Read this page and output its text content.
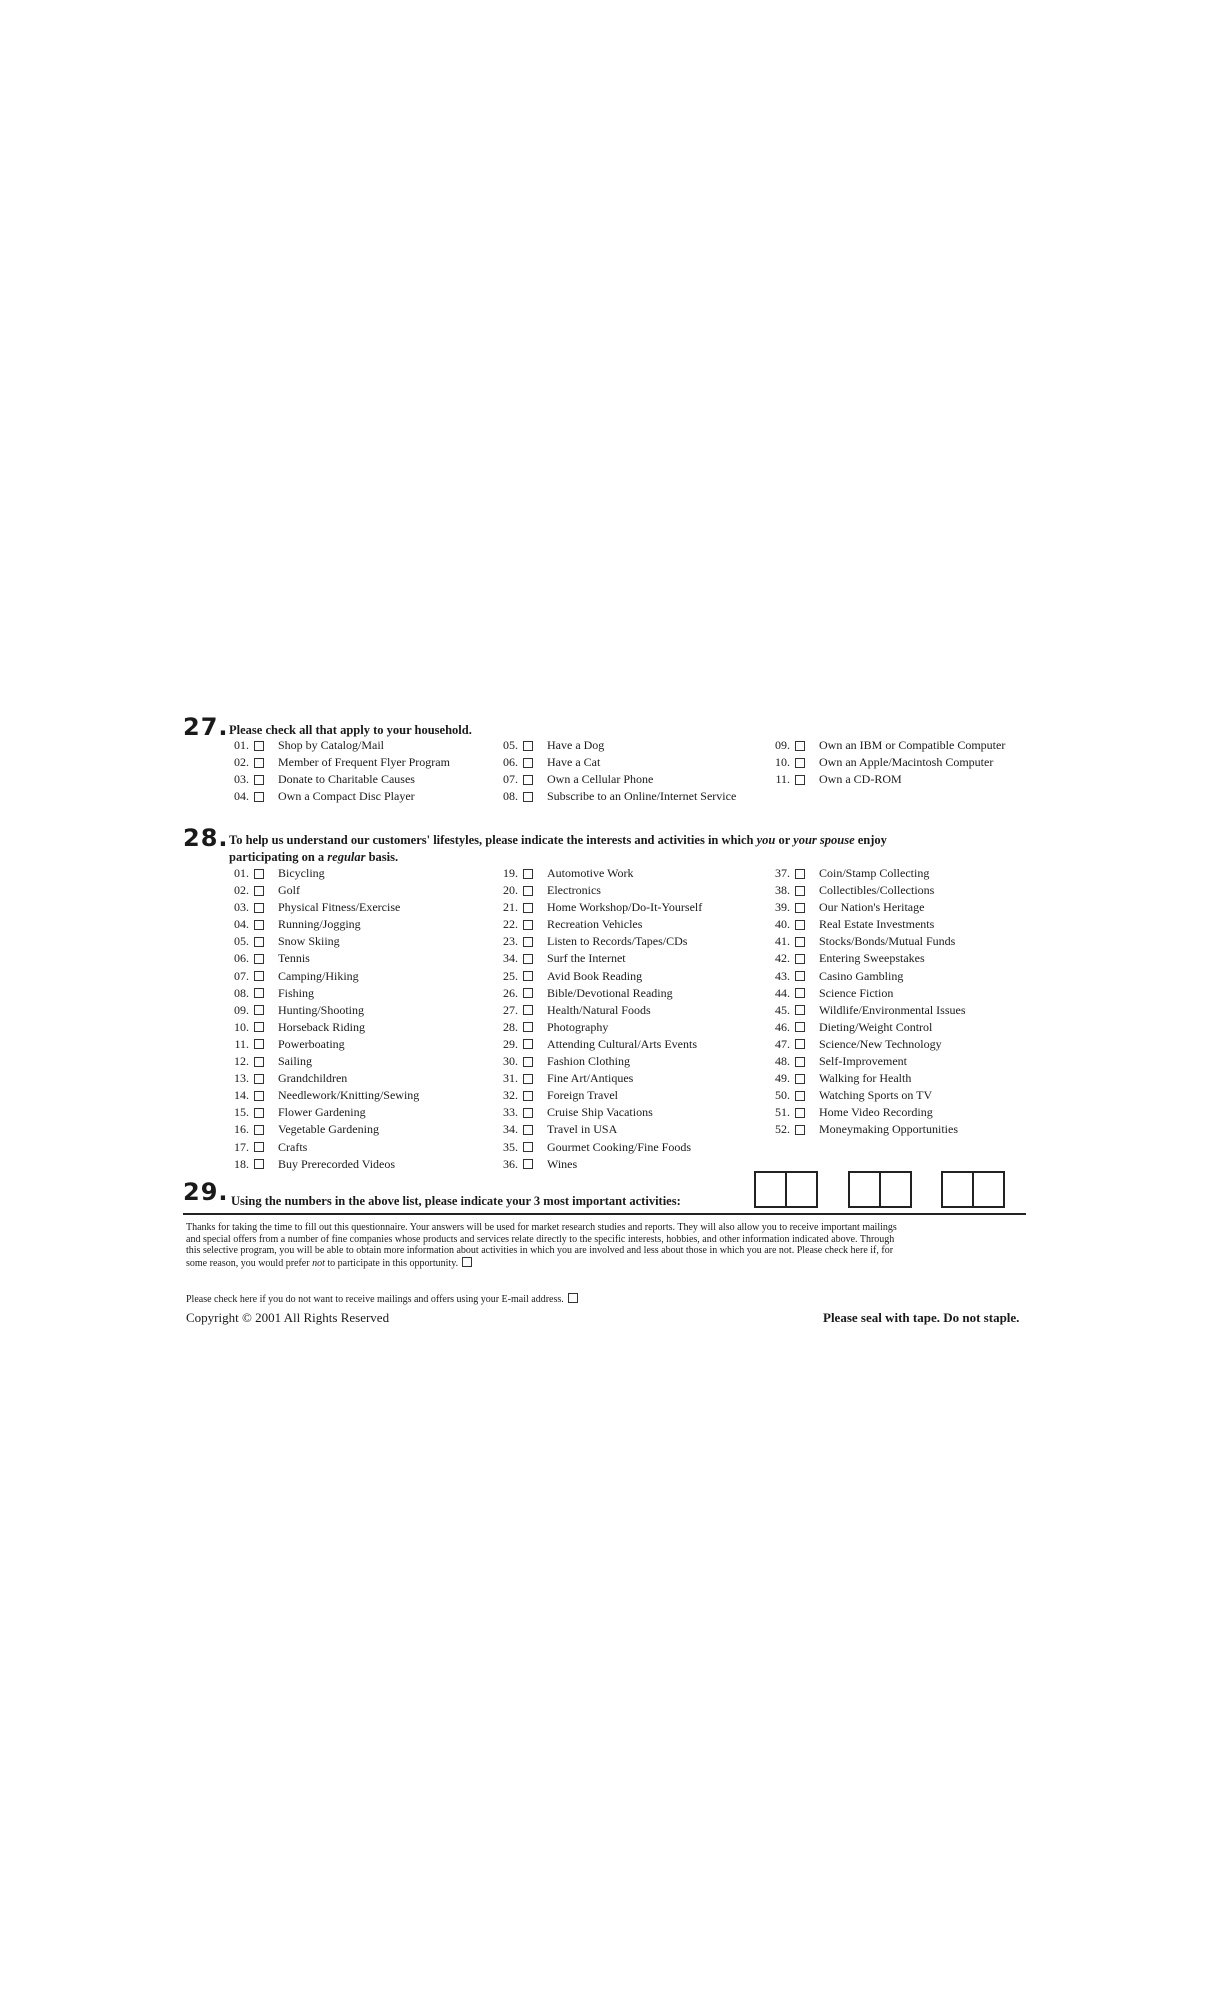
27. Please check all that apply to your household.
01. Shop by Catalog/Mail
02. Member of Frequent Flyer Program
03. Donate to Charitable Causes
04. Own a Compact Disc Player
05. Have a Dog
06. Have a Cat
07. Own a Cellular Phone
08. Subscribe to an Online/Internet Service
09. Own an IBM or Compatible Computer
10. Own an Apple/Macintosh Computer
11. Own a CD-ROM
28. To help us understand our customers' lifestyles, please indicate the interests and activities in which you or your spouse enjoy
participating on a regular basis.
01. Bicycling
02. Golf
03. Physical Fitness/Exercise
04. Running/Jogging
05. Snow Skiing
06. Tennis
07. Camping/Hiking
08. Fishing
09. Hunting/Shooting
10. Horseback Riding
11. Powerboating
12. Sailing
13. Grandchildren
14. Needlework/Knitting/Sewing
15. Flower Gardening
16. Vegetable Gardening
17. Crafts
18. Buy Prerecorded Videos
19. Automotive Work
20. Electronics
21. Home Workshop/Do-It-Yourself
22. Recreation Vehicles
23. Listen to Records/Tapes/CDs
34. Surf the Internet
25. Avid Book Reading
26. Bible/Devotional Reading
27. Health/Natural Foods
28. Photography
29. Attending Cultural/Arts Events
30. Fashion Clothing
31. Fine Art/Antiques
32. Foreign Travel
33. Cruise Ship Vacations
34. Travel in USA
35. Gourmet Cooking/Fine Foods
36. Wines
37. Coin/Stamp Collecting
38. Collectibles/Collections
39. Our Nation's Heritage
40. Real Estate Investments
41. Stocks/Bonds/Mutual Funds
42. Entering Sweepstakes
43. Casino Gambling
44. Science Fiction
45. Wildlife/Environmental Issues
46. Dieting/Weight Control
47. Science/New Technology
48. Self-Improvement
49. Walking for Health
50. Watching Sports on TV
51. Home Video Recording
52. Moneymaking Opportunities
29. Using the numbers in the above list, please indicate your 3 most important activities:
Thanks for taking the time to fill out this questionnaire. Your answers will be used for market research studies and reports. They will also allow you to receive important mailings
and special offers from a number of fine companies whose products and services relate directly to the specific interests, hobbies, and other information indicated above. Through
this selective program, you will be able to obtain more information about activities in which you are involved and less about those in which you are not. Please check here if, for
some reason, you would prefer not to participate in this opportunity.
Please check here if you do not want to receive mailings and offers using your E-mail address.
Copyright © 2001 All Rights Reserved	Please seal with tape. Do not staple.
